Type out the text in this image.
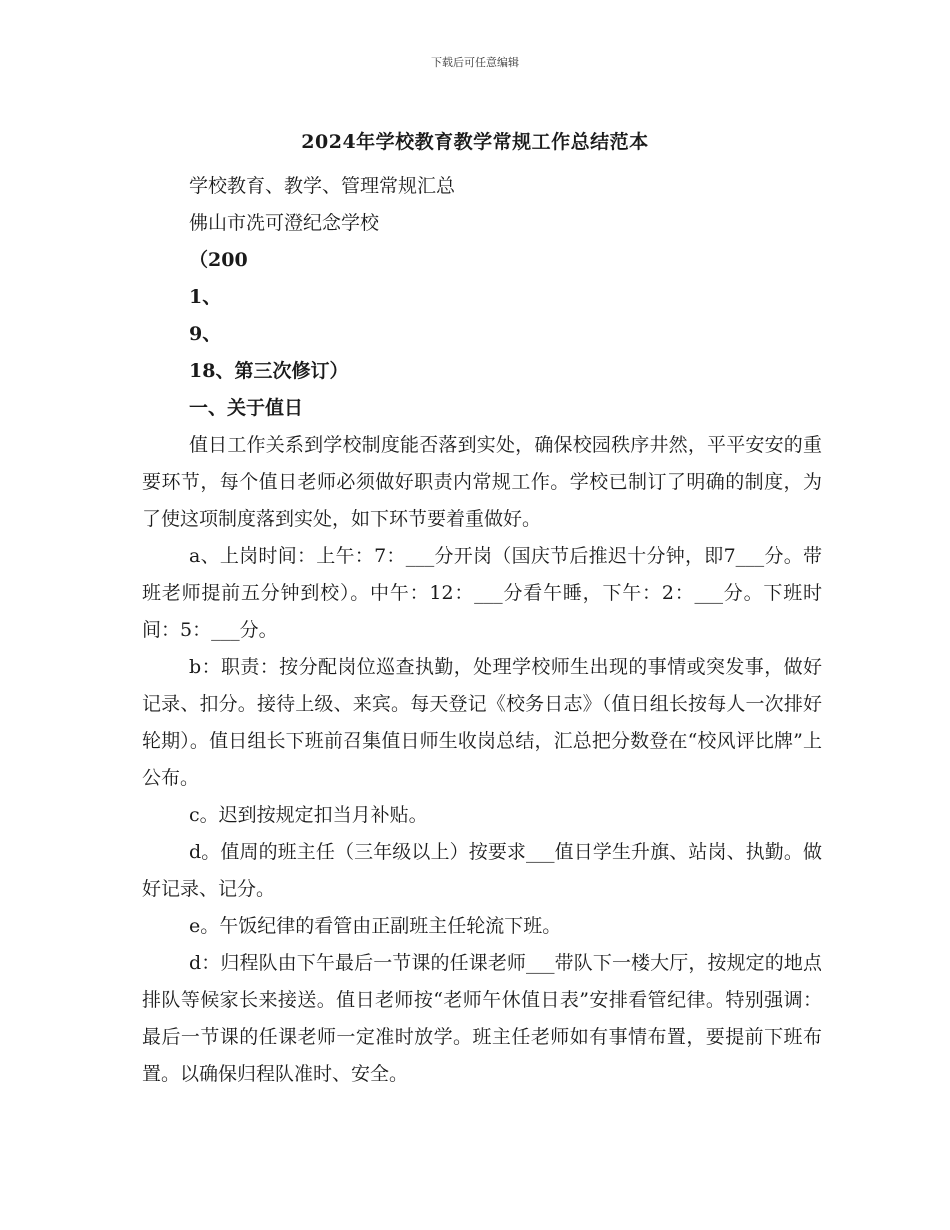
下载后可任意编辑
2024年学校教育教学常规工作总结范本
学校教育、教学、管理常规汇总
佛山市冼可澄纪念学校
（200
1、
9、
18、第三次修订）
一、关于值日

值日工作关系到学校制度能否落到实处，确保校园秩序井然，平平安安的重要环节，每个值日老师必须做好职责内常规工作。学校已制订了明确的制度，为了使这项制度落到实处，如下环节要着重做好。

a、上岗时间：上午：7：___分开岗（国庆节后推迟十分钟，即7___分。带班老师提前五分钟到校）。中午：12：___分看午睡，下午：2：___分。下班时间：5：___分。

b：职责：按分配岗位巡查执勤，处理学校师生出现的事情或突发事，做好记录、扣分。接待上级、来宾。每天登记《校务日志》（值日组长按每人一次排好轮期）。值日组长下班前召集值日师生收岗总结，汇总把分数登在“校风评比牌”上公布。

c。迟到按规定扣当月补贴。

d。值周的班主任（三年级以上）按要求___值日学生升旗、站岗、执勤。做好记录、记分。

e。午饭纪律的看管由正副班主任轮流下班。

d：归程队由下午最后一节课的任课老师___带队下一楼大厅，按规定的地点排队等候家长来接送。值日老师按“老师午休值日表”安排看管纪律。特别强调：最后一节课的任课老师一定准时放学。班主任老师如有事情布置，要提前下班布置。以确保归程队准时、安全。
